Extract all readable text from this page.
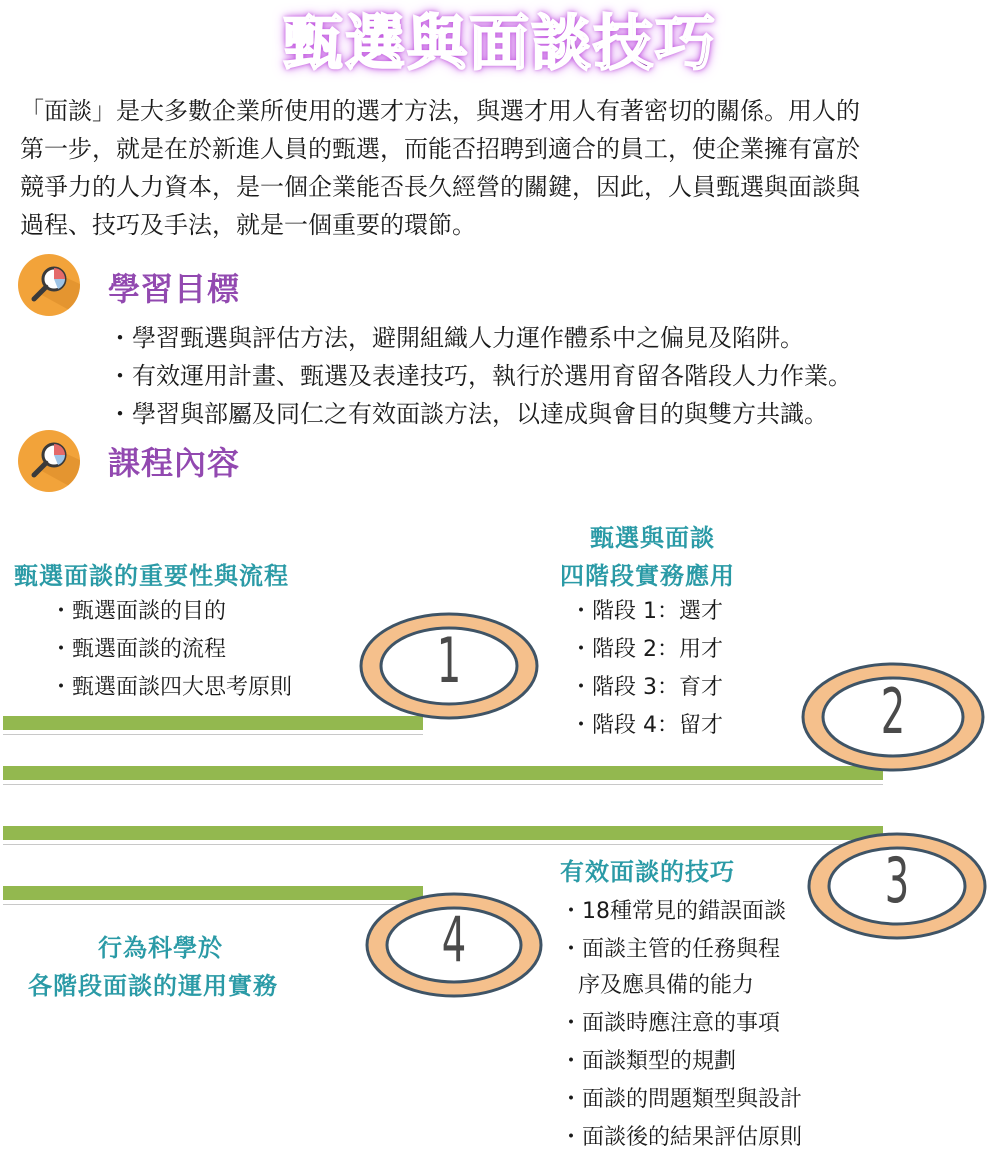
甄選與面談技巧
「面談」是大多數企業所使用的選才方法，與選才用人有著密切的關係。用人的
第一步，就是在於新進人員的甄選，而能否招聘到適合的員工，使企業擁有富於
競爭力的人力資本，是一個企業能否長久經營的關鍵，因此，人員甄選與面談與
過程、技巧及手法，就是一個重要的環節。
學習目標
・學習甄選與評估方法，避開組織人力運作體系中之偏見及陷阱。
・有效運用計畫、甄選及表達技巧，執行於選用育留各階段人力作業。
・學習與部屬及同仁之有效面談方法，以達成與會目的與雙方共識。
課程內容
甄選面談的重要性與流程
・甄選面談的目的
・甄選面談的流程
・甄選面談四大思考原則	1
甄選與面談
四階段實務應用
・階段 1：選才
・階段 2：用才
・階段 3：育才
・階段 4：留才	2
有效面談的技巧
・18種常見的錯誤面談
・面談主管的任務與程
序及應具備的能力
・面談時應注意的事項
・面談類型的規劃
・面談的問題類型與設計
・面談後的結果評估原則
3
行為科學於
各階段面談的運用實務
4
